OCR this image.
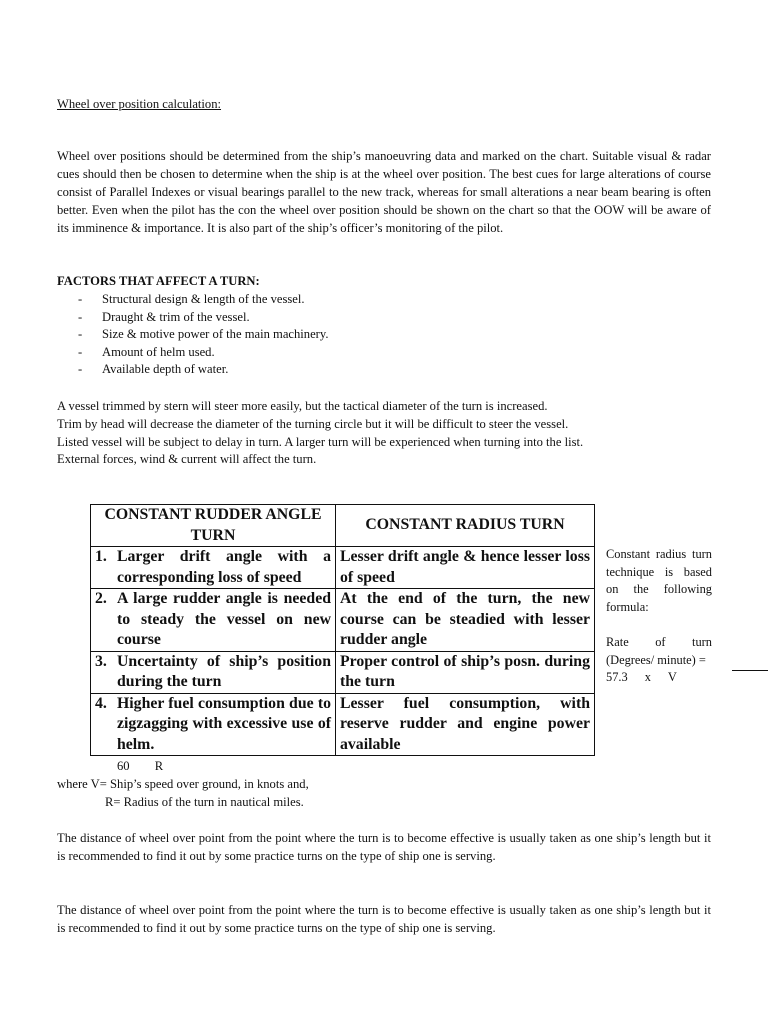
Wheel over position calculation:
Wheel over positions should be determined from the ship’s manoeuvring data and marked on the chart. Suitable visual & radar cues should then be chosen to determine when the ship is at the wheel over position. The best cues for large alterations of course consist of Parallel Indexes or visual bearings parallel to the new track, whereas for small alterations a near beam bearing is often better. Even when the pilot has the con the wheel over position should be shown on the chart so that the OOW will be aware of its imminence & importance. It is also part of the ship’s officer’s monitoring of the pilot.
FACTORS THAT AFFECT A TURN:
- Structural design & length of the vessel.
- Draught & trim of the vessel.
- Size & motive power of the main machinery.
- Amount of helm used.
- Available depth of water.
A vessel trimmed by stern will steer more easily, but the tactical diameter of the turn is increased.
Trim by head will decrease the diameter of the turning circle but it will be difficult to steer the vessel.
Listed vessel will be subject to delay in turn. A larger turn will be experienced when turning into the list.
External forces, wind & current will affect the turn.
CONSTANT RUDDER ANGLE TURN	CONSTANT RADIUS TURN

1. Larger drift angle with a corresponding loss of speed	Lesser drift angle & hence lesser loss of speed

2. A large rudder angle is needed to steady the vessel on new course	At the end of the turn, the new course can be steadied with lesser rudder angle

3. Uncertainty of ship’s position during the turn	Proper control of ship’s posn. during the turn

4. Higher fuel consumption due to zigzagging with excessive use of helm.	Lesser fuel consumption, with reserve rudder and engine power available
Constant radius turn technique is based on the following formula:
Rate of turn (Degrees/ minute) =
57.3 x V
60        R
where V= Ship’s speed over ground, in knots and,
R= Radius of the turn in nautical miles.
The distance of wheel over point from the point where the turn is to become effective is usually taken as one ship’s length but it is recommended to find it out by some practice turns on the type of ship one is serving.
The distance of wheel over point from the point where the turn is to become effective is usually taken as one ship’s length but it is recommended to find it out by some practice turns on the type of ship one is serving.
